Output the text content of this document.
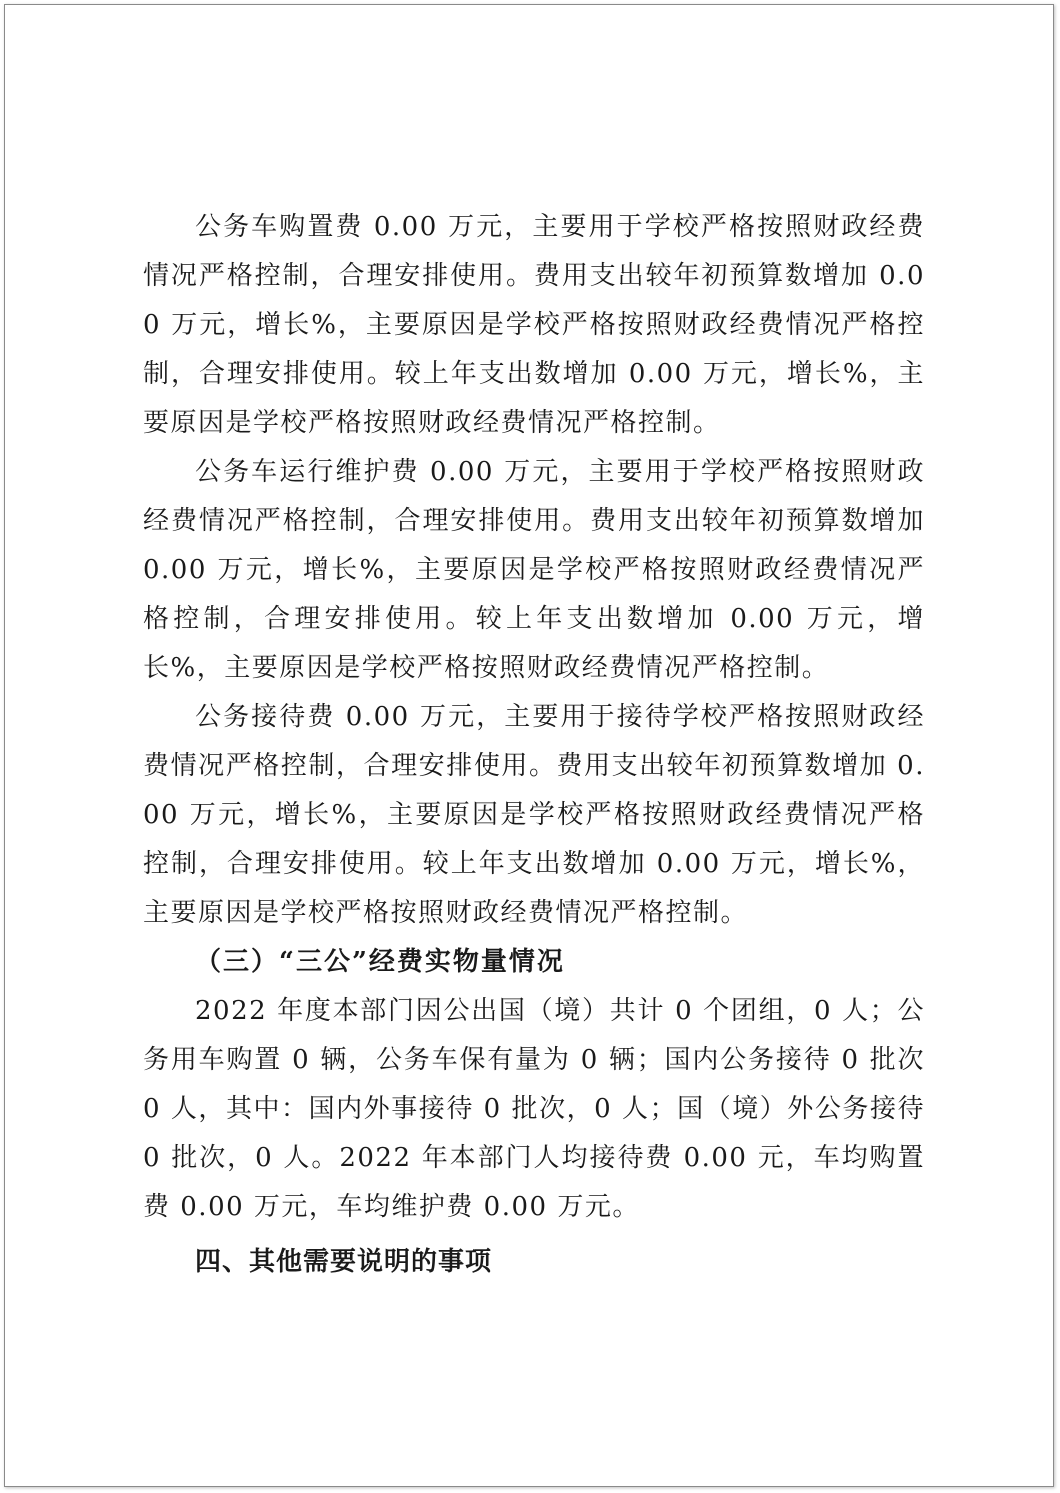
公务车购置费 0.00 万元，主要用于学校严格按照财政经费情况严格控制，合理安排使用。费用支出较年初预算数增加 0.00 万元，增长%，主要原因是学校严格按照财政经费情况严格控制，合理安排使用。较上年支出数增加 0.00 万元，增长%，主要原因是学校严格按照财政经费情况严格控制。

公务车运行维护费 0.00 万元，主要用于学校严格按照财政经费情况严格控制，合理安排使用。费用支出较年初预算数增加 0.00 万元，增长%，主要原因是学校严格按照财政经费情况严格控制，合理安排使用。较上年支出数增加 0.00 万元，增长%，主要原因是学校严格按照财政经费情况严格控制。

公务接待费 0.00 万元，主要用于接待学校严格按照财政经费情况严格控制，合理安排使用。费用支出较年初预算数增加 0.00 万元，增长%，主要原因是学校严格按照财政经费情况严格控制，合理安排使用。较上年支出数增加 0.00 万元，增长%，主要原因是学校严格按照财政经费情况严格控制。

（三）“三公”经费实物量情况

2022 年度本部门因公出国（境）共计 0 个团组，0 人；公务用车购置 0 辆，公务车保有量为 0 辆；国内公务接待 0 批次 0 人，其中：国内外事接待 0 批次，0 人；国（境）外公务接待 0 批次，0 人。2022 年本部门人均接待费 0.00 元，车均购置费 0.00 万元，车均维护费 0.00 万元。

四、其他需要说明的事项
